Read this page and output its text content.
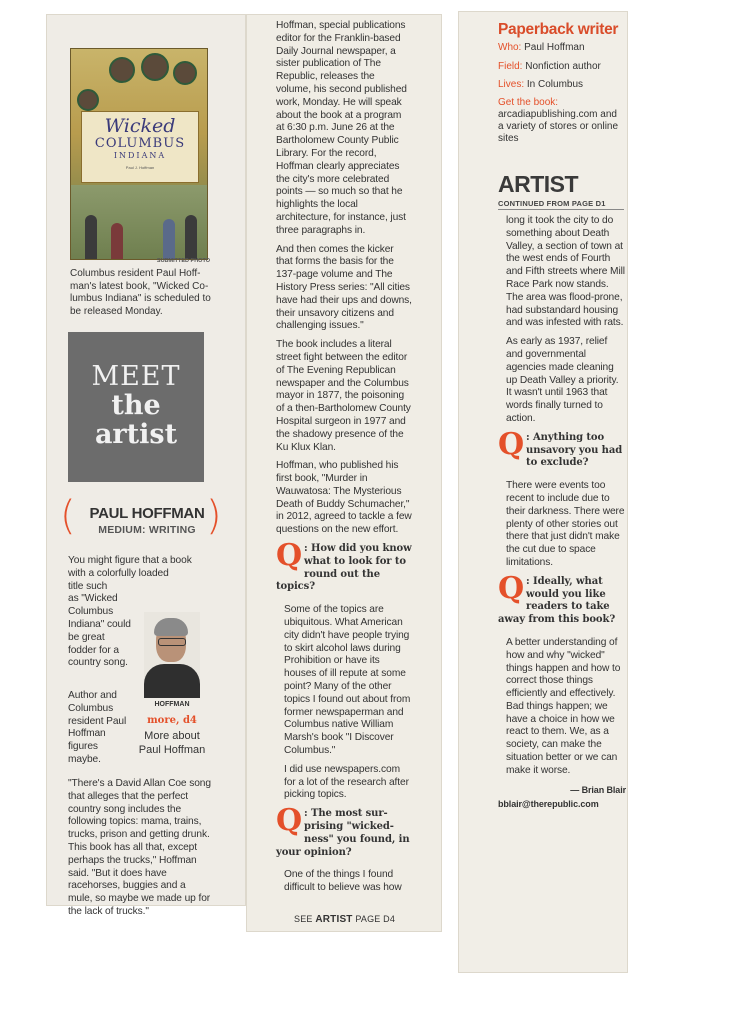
Wicked
COLUMBUS
INDIANA
Paul J. Hoffman
SUBMITTED PHOTO
Columbus resident Paul Hoff-man's latest book, "Wicked Co-lumbus Indiana" is scheduled to be released Monday.
MEET
the
artist
( PAUL HOFFMAN
MEDIUM: WRITING )
You might figure that a book
with a colorfully loaded
title such
as "Wicked
Columbus
Indiana" could
be great
fodder for a
country song.
Author and
Columbus
resident Paul
Hoffman
figures
maybe.
HOFFMAN
more, d4
More about Paul Hoffman
"There's a David Allan Coe song that alleges that the perfect country song includes the following topics: mama, trains, trucks, prison and getting drunk. This book has all that, except perhaps the trucks," Hoffman said. "But it does have racehorses, buggies and a mule, so maybe we made up for the lack of trucks."

Hoffman, special publications editor for the Franklin-based Daily Journal newspaper, a sister publication of The Republic, releases the volume, his second published work, Monday. He will speak about the book at a program at 6:30 p.m. June 26 at the Bartholomew County Public Library. For the record, Hoffman clearly appreciates the city's more celebrated points — so much so that he highlights the local architecture, for instance, just three paragraphs in.

And then comes the kicker that forms the basis for the 137-page volume and The History Press series: "All cities have had their ups and downs, their unsavory citizens and challenging issues."

The book includes a literal street fight between the editor of The Evening Republican newspaper and the Columbus mayor in 1877, the poisoning of a then-Bartholomew County Hospital surgeon in 1977 and the shadowy presence of the Ku Klux Klan.

Hoffman, who published his first book, "Murder in Wauwatosa: The Mysterious Death of Buddy Schumacher," in 2012, agreed to tackle a few questions on the new effort.

Q : How did you know what to look for to round out the topics?

Some of the topics are ubiquitous. What American city didn't have people trying to skirt alcohol laws during Prohibition or have its houses of ill repute at some point? Many of the other topics I found out about from former newspaperman and Columbus native William Marsh's book "I Discover Columbus."

I did use newspapers.com for a lot of the research after picking topics.

Q : The most sur-prising "wicked-ness" you found, in your opinion?

One of the things I found difficult to believe was how

SEE ARTIST PAGE D4
Paperback writer
Who: Paul Hoffman
Field: Nonfiction author
Lives: In Columbus
Get the book:
arcadiapublishing.com and a variety of stores or online sites
ARTIST
CONTINUED FROM PAGE D1

long it took the city to do something about Death Valley, a section of town at the west ends of Fourth and Fifth streets where Mill Race Park now stands. The area was flood-prone, had substandard housing and was infested with rats.

As early as 1937, relief and governmental agencies made cleaning up Death Valley a priority. It wasn't until 1963 that words finally turned to action.

Q : Anything too unsavory you had to exclude?

There were events too recent to include due to their darkness. There were plenty of other stories out there that just didn't make the cut due to space limitations.

Q : Ideally, what would you like readers to take away from this book?

A better understanding of how and why "wicked" things happen and how to correct those things efficiently and effectively. Bad things happen; we have a choice in how we react to them. We, as a society, can make the situation better or we can make it worse.

— Brian Blair
bblair@therepublic.com
